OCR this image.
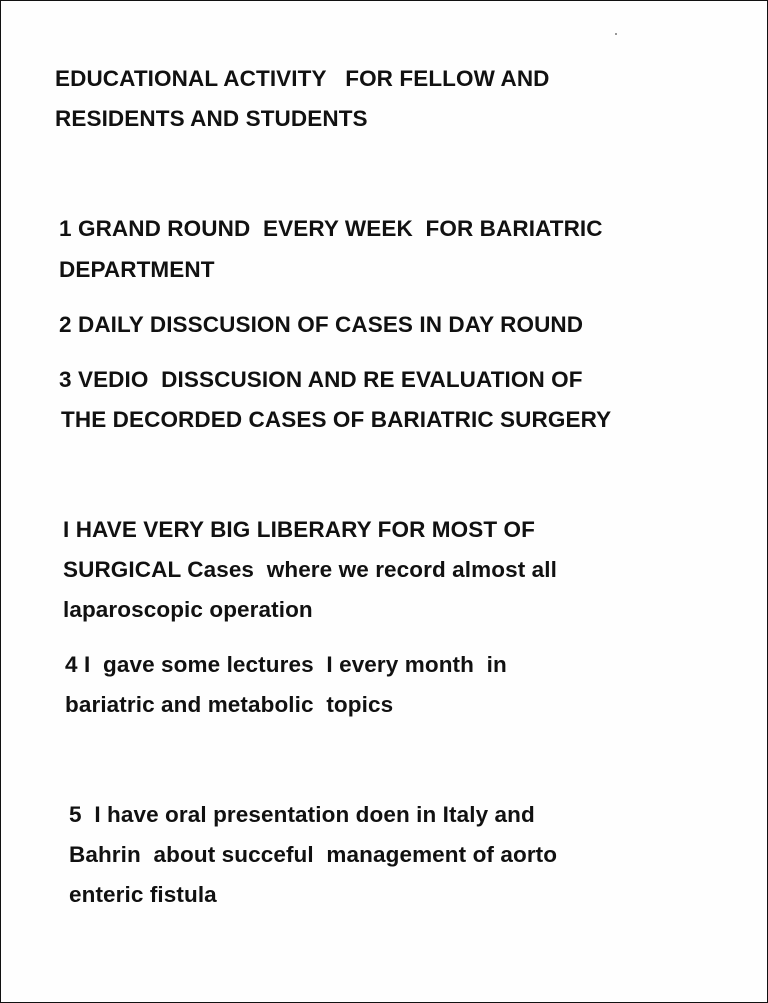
EDUCATIONAL ACTIVITY   FOR FELLOW AND

RESIDENTS AND STUDENTS

1 GRAND ROUND  EVERY WEEK  FOR BARIATRIC

DEPARTMENT

2 DAILY DISSCUSION OF CASES IN DAY ROUND

3 VEDIO  DISSCUSION AND RE EVALUATION OF

THE DECORDED CASES OF BARIATRIC SURGERY

I HAVE VERY BIG LIBERARY FOR MOST OF

SURGICAL Cases  where we record almost all

laparoscopic operation

4 I  gave some lectures  I every month  in

bariatric and metabolic  topics

5  I have oral presentation doen in Italy and

Bahrin  about succeful  management of aorto

enteric fistula
